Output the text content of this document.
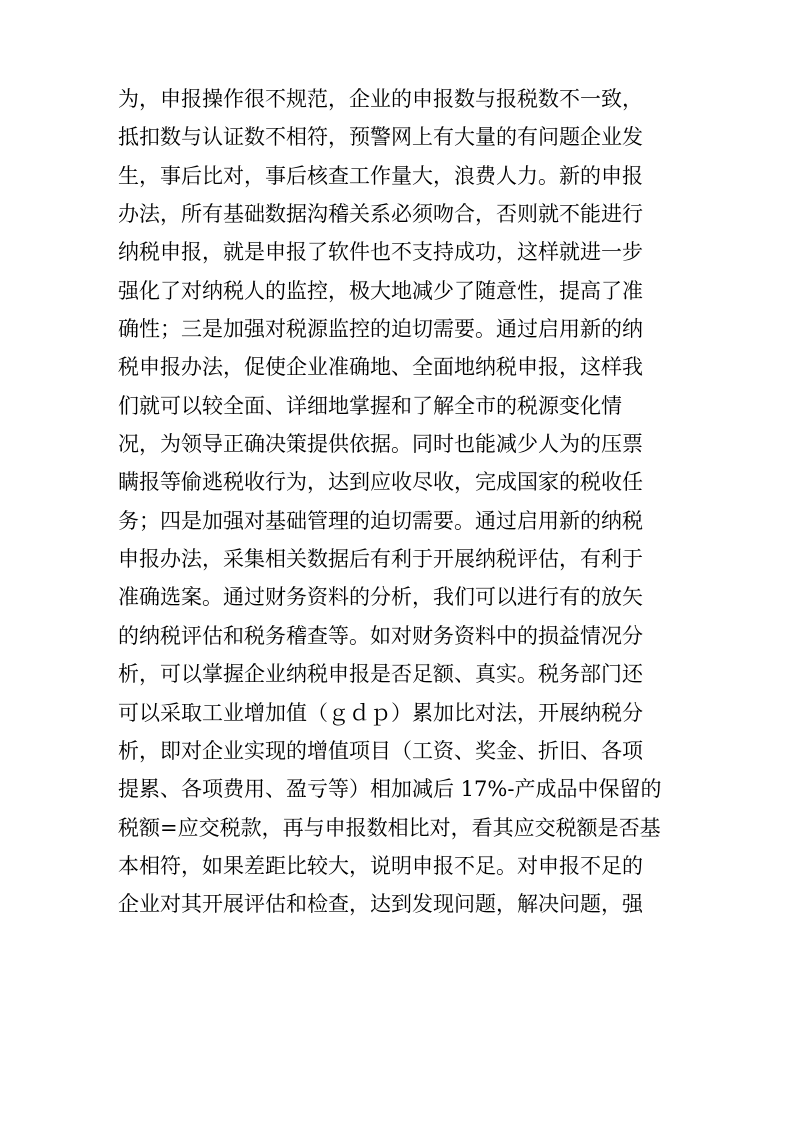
为，申报操作很不规范，企业的申报数与报税数不一致，
抵扣数与认证数不相符，预警网上有大量的有问题企业发
生，事后比对，事后核查工作量大，浪费人力。新的申报
办法，所有基础数据沟稽关系必须吻合，否则就不能进行
纳税申报，就是申报了软件也不支持成功，这样就进一步
强化了对纳税人的监控，极大地减少了随意性，提高了准
确性；三是加强对税源监控的迫切需要。通过启用新的纳
税申报办法，促使企业准确地、全面地纳税申报，这样我
们就可以较全面、详细地掌握和了解全市的税源变化情
况，为领导正确决策提供依据。同时也能减少人为的压票
瞒报等偷逃税收行为，达到应收尽收，完成国家的税收任
务；四是加强对基础管理的迫切需要。通过启用新的纳税
申报办法，采集相关数据后有利于开展纳税评估，有利于
准确选案。通过财务资料的分析，我们可以进行有的放矢
的纳税评估和税务稽查等。如对财务资料中的损益情况分
析，可以掌握企业纳税申报是否足额、真实。税务部门还
可以采取工业增加值（ｇｄｐ）累加比对法，开展纳税分
析，即对企业实现的增值项目（工资、奖金、折旧、各项
提累、各项费用、盈亏等）相加减后 17%-产成品中保留的
税额=应交税款，再与申报数相比对，看其应交税额是否基
本相符，如果差距比较大，说明申报不足。对申报不足的
企业对其开展评估和检查，达到发现问题，解决问题，强
